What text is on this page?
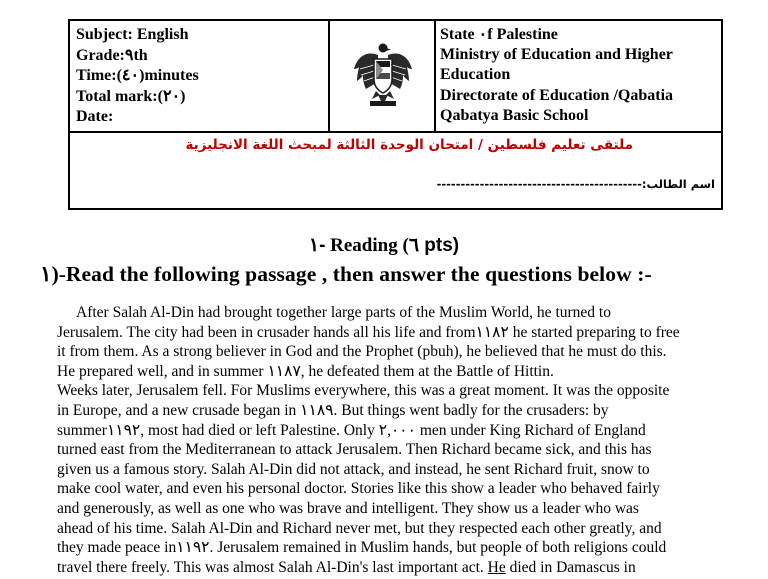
Subject: English
Grade:٩th
Time:(٤٠)minutes
Total mark:(٢٠)
Date:
State ٠f Palestine
Ministry of Education and Higher
Education
Directorate of Education /Qabatia
Qabatya Basic School
ملتقى تعليم فلسطين / امتحان الوحدة الثالثة لمبحث اللغة الانجليزية
اسم الطالب:-------------------------------------------
١- Reading (٦ pts)
١)-Read the following passage , then answer the questions below :-
After Salah Al-Din had brought together large parts of the Muslim World, he turned to
Jerusalem. The city had been in crusader hands all his life and from١١٨٢ he started preparing to free
it from them. As a strong believer in God and the Prophet (pbuh), he believed that he must do this.
He prepared well, and in summer ١١٨٧, he defeated them at the Battle of Hittin.
Weeks later, Jerusalem fell. For Muslims everywhere, this was a great moment. It was the opposite
in Europe, and a new crusade began in ١١٨٩. But things went badly for the crusaders: by
summer١١٩٢, most had died or left Palestine. Only ٢,٠٠٠ men under King Richard of England
turned east from the Mediterranean to attack Jerusalem. Then Richard became sick, and this has
given us a famous story. Salah Al-Din did not attack, and instead, he sent Richard fruit, snow to
make cool water, and even his personal doctor. Stories like this show a leader who behaved fairly
and generously, as well as one who was brave and intelligent. They show us a leader who was
ahead of his time. Salah Al-Din and Richard never met, but they respected each other greatly, and
they made peace in١١٩٢. Jerusalem remained in Muslim hands, but people of both religions could
travel there freely. This was almost Salah Al-Din's last important act. He died in Damascus in
